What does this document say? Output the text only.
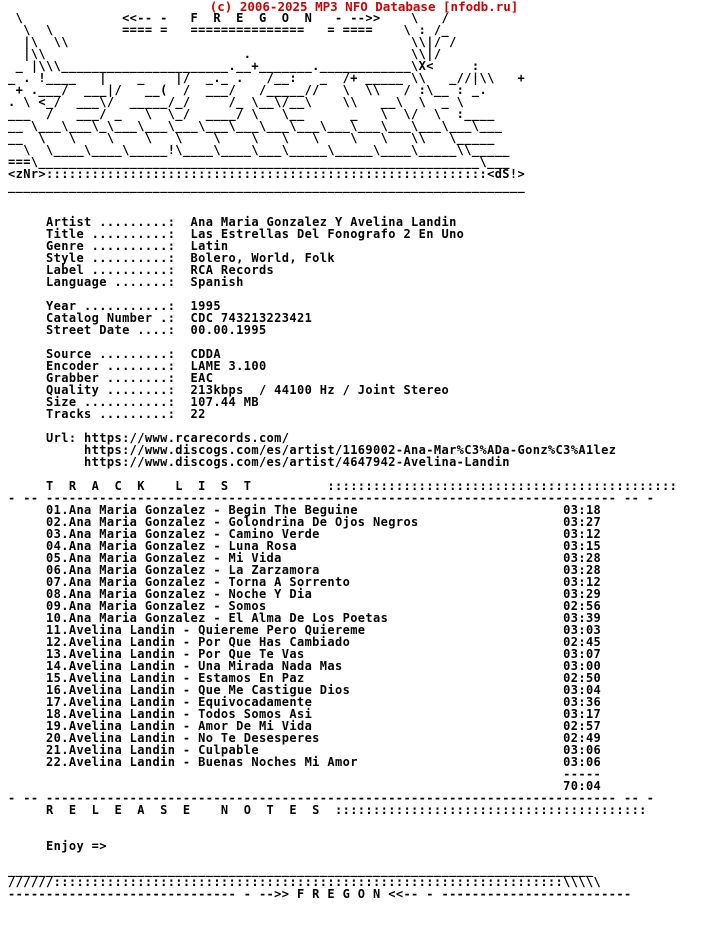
(c) 2006-2025 MP3 NFO Database [nfodb.ru]
\             <<-- -   F  R  E  G  O  N   - -->>    \   /
\  \         ==== =   ===============   = ====    \ : /_
|\  \\                                             \\|/ /
|\\                          .                     \\|/
_ |\\\______________________.__+_______.____________\X<     :
_ . !____   |    _    |/  _._ .   /__:   _  /+ _____ \\   _//|\\   +
+ .___/  ___|/   __(  /  ___/   /_____//   \  \\   / :\__ : _.
. \ <_/  ___\/  _____/_/     /_ \__\/__\    \\   __\  \  _ \
___  /   ___/ _   \  \_/  ____/ \   \__      _   \  \/  \  :____
__ \___\___\_\___\___\___\___\___\___\___\___\___\___\___\___\___
__  \   \    \    \   \    \    \   \   \    \   \   \\   \_____
\  \____\____\_____!\____\____\___\_____\_____\____\_____\\_____
===\__________________________________________________________\___
<zNr>::::::::::::::::::::::::::::::::::::::::::::::::::::::::::<dS!>
____________________________________________________________________

Artist .........:  Ana Maria Gonzalez Y Avelina Landin
Title ..........:  Las Estrellas Del Fonografo 2 En Uno
Genre ..........:  Latin
Style ..........:  Bolero, World, Folk
Label ..........:  RCA Records
Language .......:  Spanish

Year ...........:  1995
Catalog Number .:  CDC 743213223421
Street Date ....:  00.00.1995

Source .........:  CDDA
Encoder ........:  LAME 3.100
Grabber ........:  EAC
Quality ........:  213kbps  / 44100 Hz / Joint Stereo
Size ...........:  107.44 MB
Tracks .........:  22

Url: https://www.rcarecords.com/
https://www.discogs.com/es/artist/1169002-Ana-Mar%C3%ADa-Gonz%C3%A1lez
https://www.discogs.com/es/artist/4647942-Avelina-Landin

T  R  A  C  K    L  I  S  T          ::::::::::::::::::::::::::::::::::::::::::::::
- -- --------------------------------------------------------------------------- -- -
01.Ana Maria Gonzalez - Begin The Beguine                           03:18
02.Ana Maria Gonzalez - Golondrina De Ojos Negros                   03:27
03.Ana Maria Gonzalez - Camino Verde                                03:12
04.Ana Maria Gonzalez - Luna Rosa                                   03:15
05.Ana Maria Gonzalez - Mi Vida                                     03:28
06.Ana Maria Gonzalez - La Zarzamora                                03:28
07.Ana Maria Gonzalez - Torna A Sorrento                            03:12
08.Ana Maria Gonzalez - Noche Y Dia                                 03:29
09.Ana Maria Gonzalez - Somos                                       02:56
10.Ana Maria Gonzalez - El Alma De Los Poetas                       03:39
11.Avelina Landin - Quiereme Pero Quiereme                          03:03
12.Avelina Landin - Por Que Has Cambiado                            02:45
13.Avelina Landin - Por Que Te Vas                                  03:07
14.Avelina Landin - Una Mirada Nada Mas                             03:00
15.Avelina Landin - Estamos En Paz                                  02:50
16.Avelina Landin - Que Me Castigue Dios                            03:04
17.Avelina Landin - Equivocadamente                                 03:36
18.Avelina Landin - Todos Somos Asi                                 03:17
19.Avelina Landin - Amor De Mi Vida                                 02:57
20.Avelina Landin - No Te Desesperes                                02:49
21.Avelina Landin - Culpable                                        03:06
22.Avelina Landin - Buenas Noches Mi Amor                           03:06
-----
70:04
- -- --------------------------------------------------------------------------- -- -
R  E  L  E  A  S  E    N  O  T  E  S  :::::::::::::::::::::::::::::::::::::::::

Enjoy =>

_____________________________________________________________________________
//////:::::::::::::::::::::::::::::::::::::::::::::::::::::::::::::::::::\\\\\
------------------------------ - -->> F R E G O N <<-- - -------------------------
